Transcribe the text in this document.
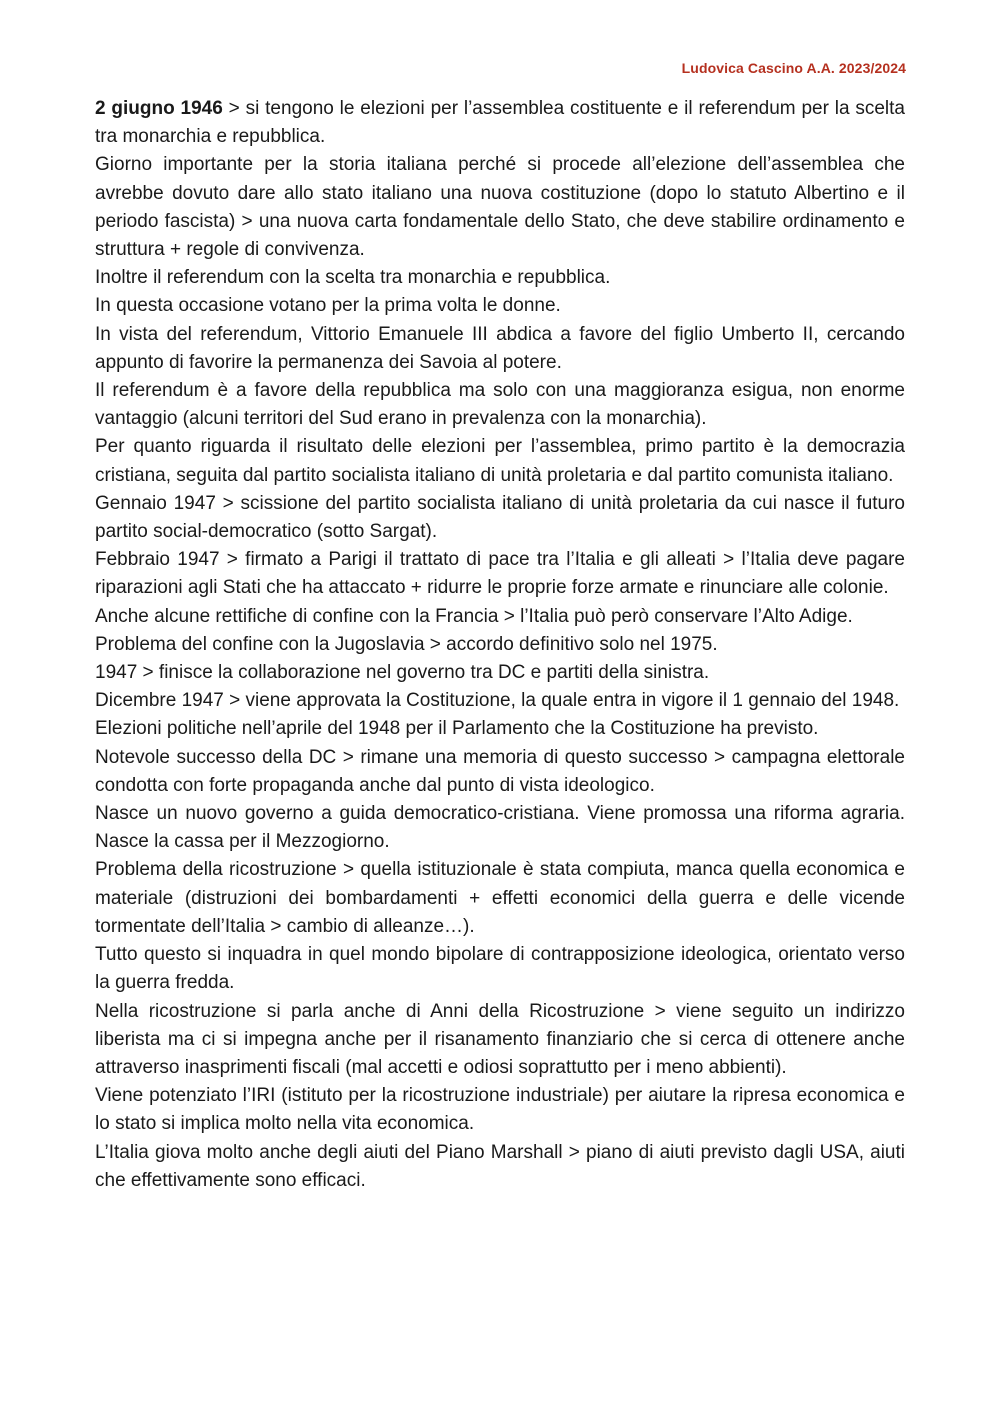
Ludovica Cascino A.A. 2023/2024

2 giugno 1946 > si tengono le elezioni per l’assemblea costituente e il referendum per la scelta tra monarchia e repubblica.

Giorno importante per la storia italiana perché si procede all’elezione dell’assemblea che avrebbe dovuto dare allo stato italiano una nuova costituzione (dopo lo statuto Albertino e il periodo fascista) > una nuova carta fondamentale dello Stato, che deve stabilire ordinamento e struttura + regole di convivenza.

Inoltre il referendum con la scelta tra monarchia e repubblica.

In questa occasione votano per la prima volta le donne.

In vista del referendum, Vittorio Emanuele III abdica a favore del figlio Umberto II, cercando appunto di favorire la permanenza dei Savoia al potere.

Il referendum è a favore della repubblica ma solo con una maggioranza esigua, non enorme vantaggio (alcuni territori del Sud erano in prevalenza con la monarchia).

Per quanto riguarda il risultato delle elezioni per l’assemblea, primo partito è la democrazia cristiana, seguita dal partito socialista italiano di unità proletaria e dal partito comunista italiano.

Gennaio 1947 > scissione del partito socialista italiano di unità proletaria da cui nasce il futuro partito social-democratico (sotto Sargat).

Febbraio 1947 > firmato a Parigi il trattato di pace tra l’Italia e gli alleati > l’Italia deve pagare riparazioni agli Stati che ha attaccato + ridurre le proprie forze armate e rinunciare alle colonie.

Anche alcune rettifiche di confine con la Francia > l’Italia può però conservare l’Alto Adige.

Problema del confine con la Jugoslavia > accordo definitivo solo nel 1975.

1947 > finisce la collaborazione nel governo tra DC e partiti della sinistra.

Dicembre 1947 > viene approvata la Costituzione, la quale entra in vigore il 1 gennaio del 1948.

Elezioni politiche nell’aprile del 1948 per il Parlamento che la Costituzione ha previsto.

Notevole successo della DC > rimane una memoria di questo successo > campagna elettorale condotta con forte propaganda anche dal punto di vista ideologico.

Nasce un nuovo governo a guida democratico-cristiana. Viene promossa una riforma agraria. Nasce la cassa per il Mezzogiorno.

Problema della ricostruzione > quella istituzionale è stata compiuta, manca quella economica e materiale (distruzioni dei bombardamenti + effetti economici della guerra e delle vicende tormentate dell’Italia > cambio di alleanze…).

Tutto questo si inquadra in quel mondo bipolare di contrapposizione ideologica, orientato verso la guerra fredda.

Nella ricostruzione si parla anche di Anni della Ricostruzione > viene seguito un indirizzo liberista ma ci si impegna anche per il risanamento finanziario che si cerca di ottenere anche attraverso inasprimenti fiscali (mal accetti e odiosi soprattutto per i meno abbienti).

Viene potenziato l’IRI (istituto per la ricostruzione industriale) per aiutare la ripresa economica e lo stato si implica molto nella vita economica.

L’Italia giova molto anche degli aiuti del Piano Marshall > piano di aiuti previsto dagli USA, aiuti che effettivamente sono efficaci.
